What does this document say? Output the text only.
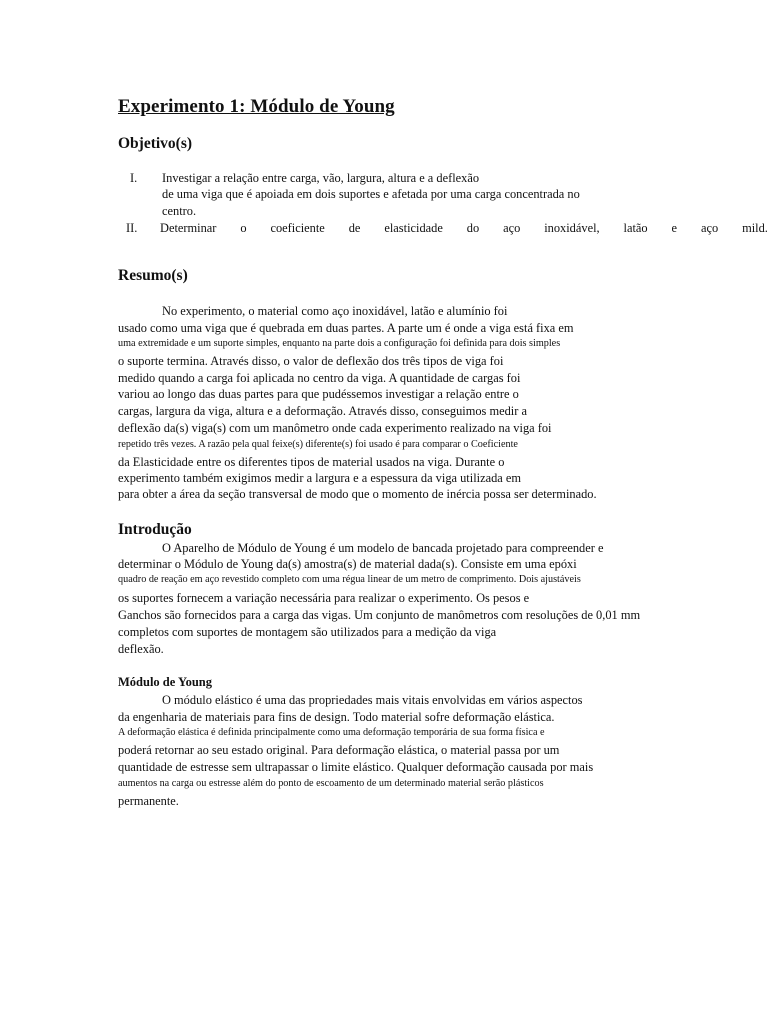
Experimento 1: Módulo de Young
Objetivo(s)
I. Investigar a relação entre carga, vão, largura, altura e a deflexão
de uma viga que é apoiada em dois suportes e afetada por uma carga concentrada no
centro.
II. Determinar o coeficiente de elasticidade do aço inoxidável, latão e aço mild.
Resumo(s)
No experimento, o material como aço inoxidável, latão e alumínio foi
usado como uma viga que é quebrada em duas partes. A parte um é onde a viga está fixa em
uma extremidade e um suporte simples, enquanto na parte dois a configuração foi definida para dois simples
o suporte termina. Através disso, o valor de deflexão dos três tipos de viga foi
medido quando a carga foi aplicada no centro da viga. A quantidade de cargas foi
variou ao longo das duas partes para que pudéssemos investigar a relação entre o
cargas, largura da viga, altura e a deformação. Através disso, conseguimos medir a
deflexão da(s) viga(s) com um manômetro onde cada experimento realizado na viga foi
repetido três vezes. A razão pela qual feixe(s) diferente(s) foi usado é para comparar o Coeficiente
da Elasticidade entre os diferentes tipos de material usados na viga. Durante o
experimento também exigimos medir a largura e a espessura da viga utilizada em
para obter a área da seção transversal de modo que o momento de inércia possa ser determinado.
Introdução
O Aparelho de Módulo de Young é um modelo de bancada projetado para compreender e
determinar o Módulo de Young da(s) amostra(s) de material dada(s). Consiste em uma epóxi
quadro de reação em aço revestido completo com uma régua linear de um metro de comprimento. Dois ajustáveis
os suportes fornecem a variação necessária para realizar o experimento. Os pesos e
Ganchos são fornecidos para a carga das vigas. Um conjunto de manômetros com resoluções de 0,01 mm
completos com suportes de montagem são utilizados para a medição da viga
deflexão.
Módulo de Young
O módulo elástico é uma das propriedades mais vitais envolvidas em vários aspectos
da engenharia de materiais para fins de design. Todo material sofre deformação elástica.
A deformação elástica é definida principalmente como uma deformação temporária de sua forma física e
poderá retornar ao seu estado original. Para deformação elástica, o material passa por um
quantidade de estresse sem ultrapassar o limite elástico. Qualquer deformação causada por mais
aumentos na carga ou estresse além do ponto de escoamento de um determinado material serão plásticos
permanente.
